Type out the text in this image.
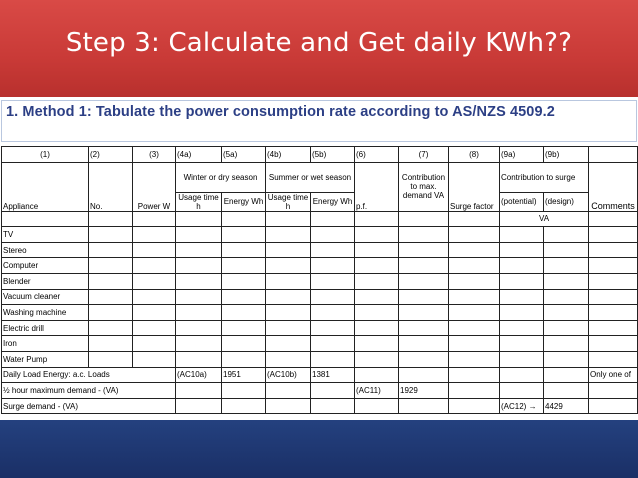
Step 3: Calculate and Get daily KWh??
1. Method 1: Tabulate the power consumption rate according to AS/NZS 4509.2
(1)	(2)	(3)	(4a)	(5a)	(4b)	(5b)	(6)	(7)	(8)	(9a)	(9b)	
Appliance	No.	Power W	Winter or dry season		Summer or wet season		p.f.	Contribution to max. demand VA	Surge factor	Contribution to surge		Comments
			Usage time h	Energy Wh	Usage time h	Energy Wh						
										(potential)	(design)	
										VA		
TV												
Stereo												
Computer												
Blender												
Vacuum cleaner												
Washing machine												
Electric drill												
Iron												
Water Pump												
Daily Load Energy: a.c. Loads			(AC10a)	1951	(AC10b)	1381						Only one of
½ hour maximum demand - (VA)							(AC11)	1929				
Surge demand - (VA)										(AC12) →	4429	
